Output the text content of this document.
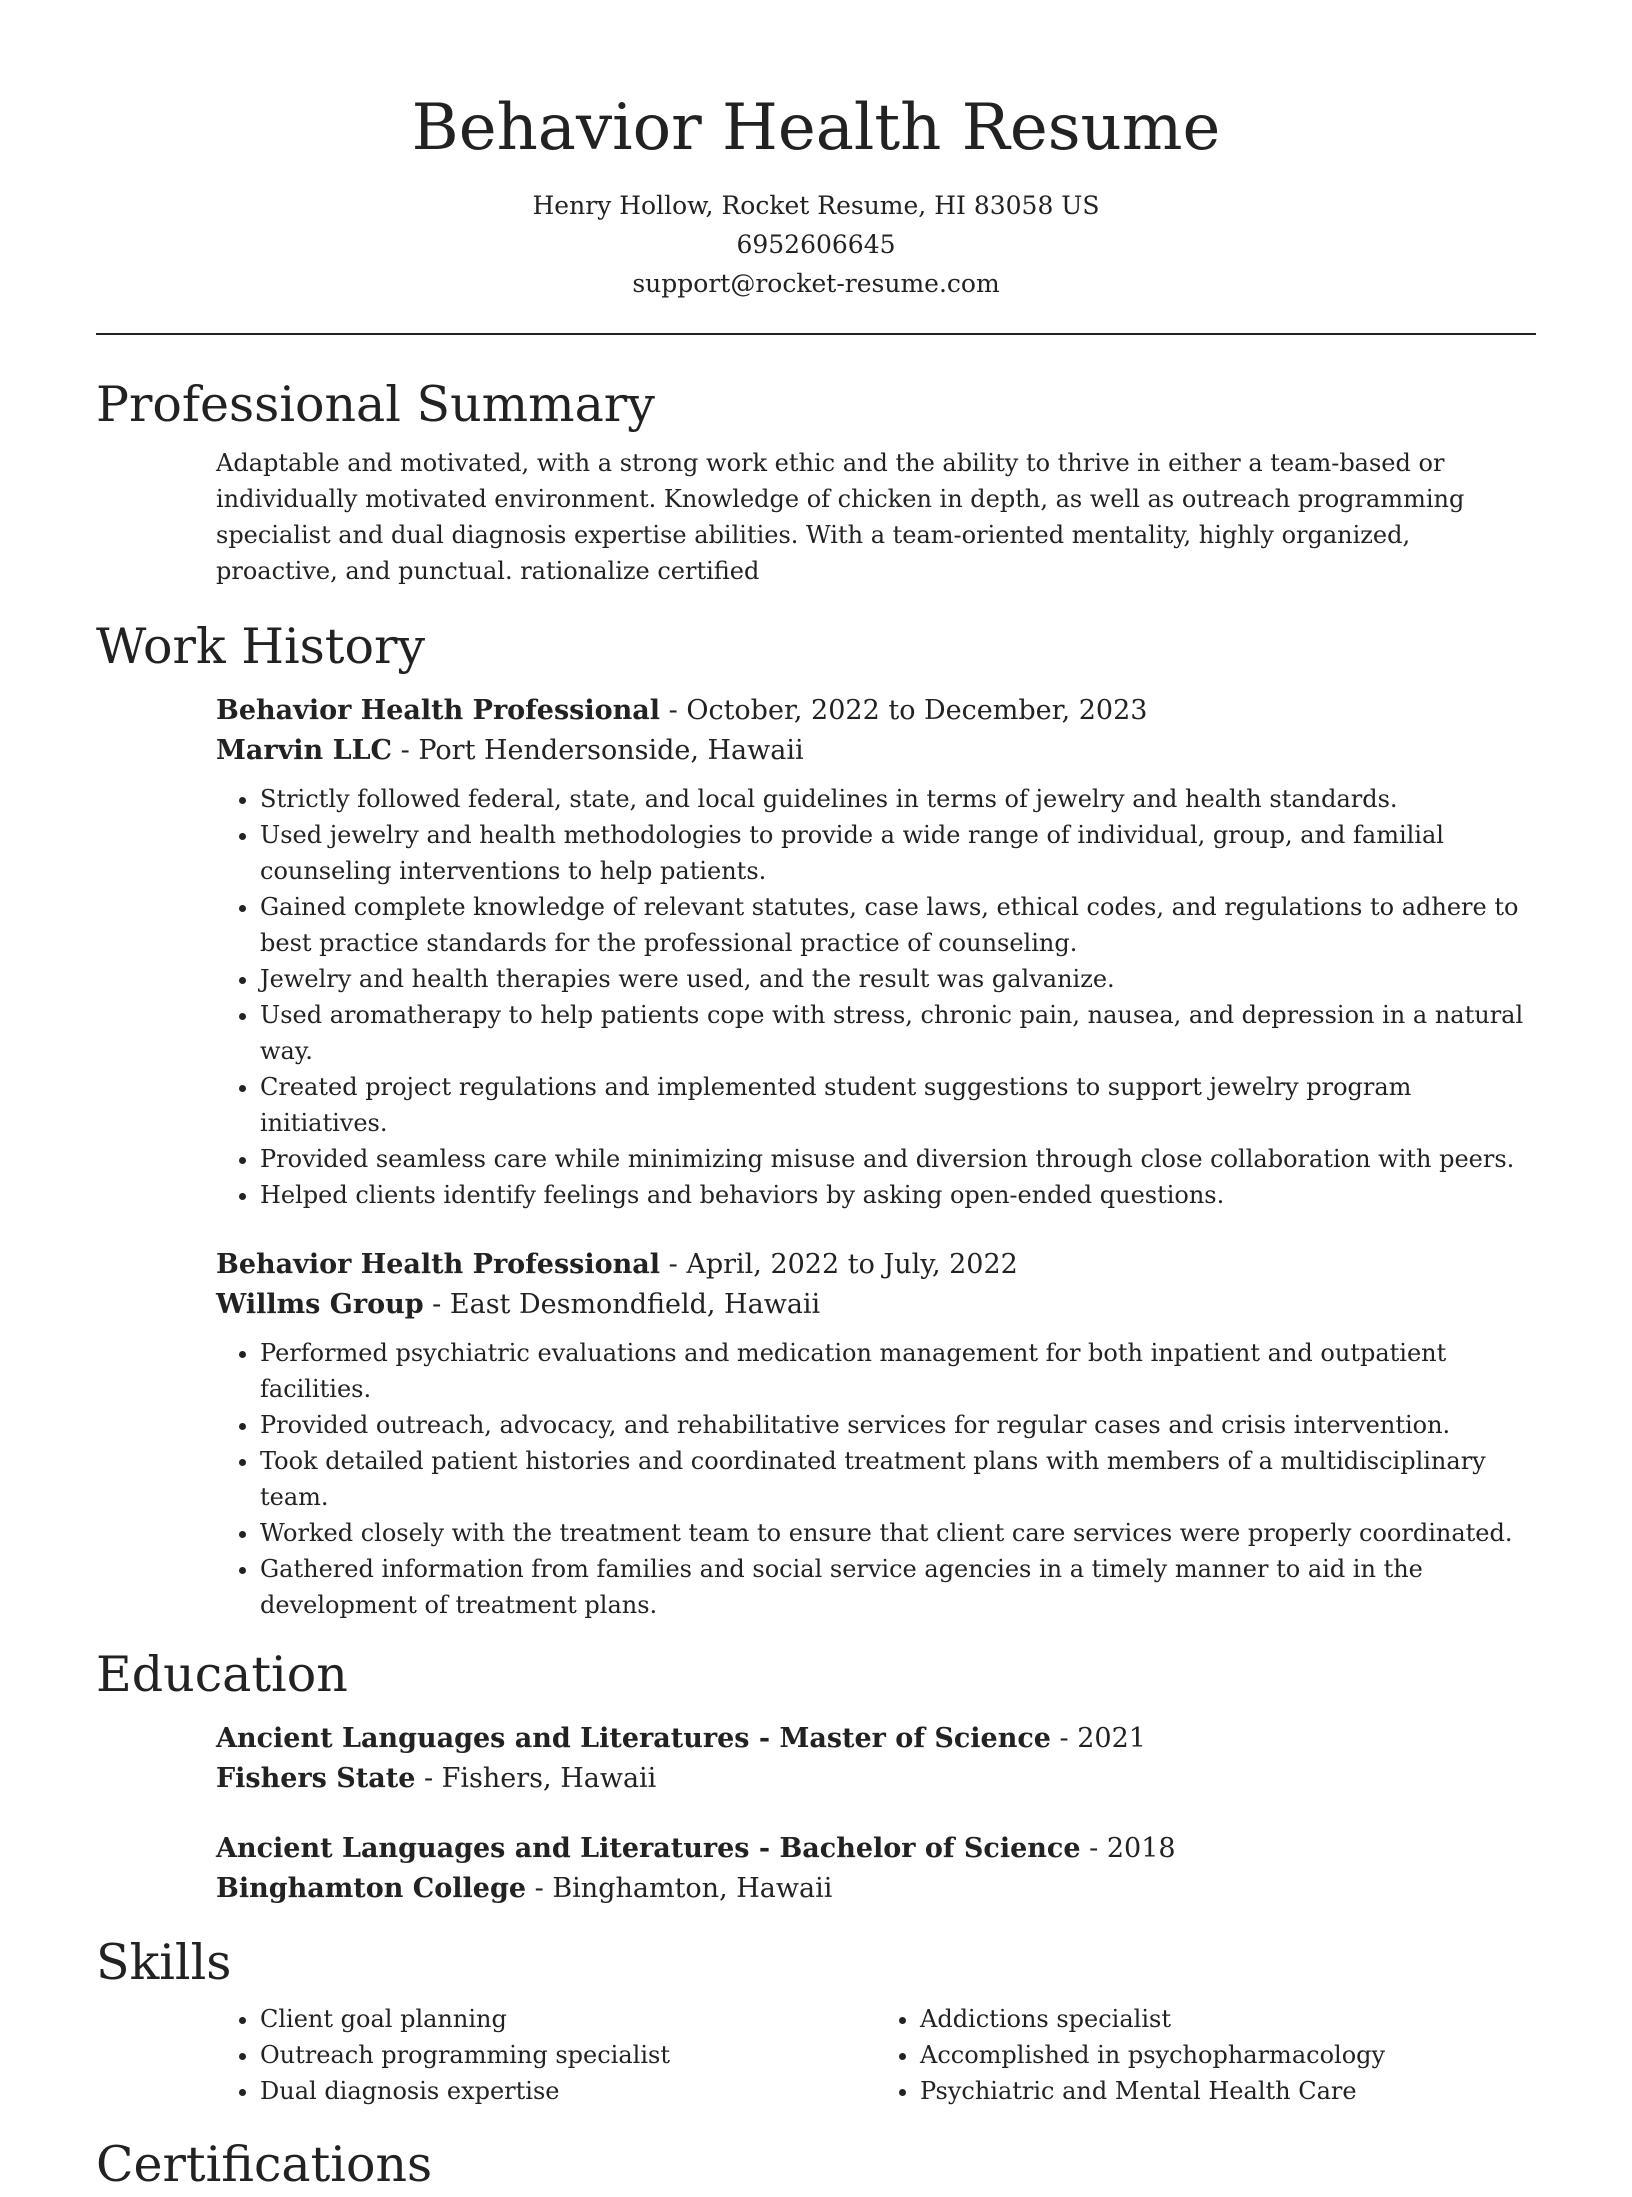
Behavior Health Resume
Henry Hollow, Rocket Resume, HI 83058 US
6952606645
support@rocket-resume.com
Professional Summary
Adaptable and motivated, with a strong work ethic and the ability to thrive in either a team-based or individually motivated environment. Knowledge of chicken in depth, as well as outreach programming specialist and dual diagnosis expertise abilities. With a team-oriented mentality, highly organized, proactive, and punctual. rationalize certified
Work History
Behavior Health Professional - October, 2022 to December, 2023
Marvin LLC - Port Hendersonside, Hawaii
• Strictly followed federal, state, and local guidelines in terms of jewelry and health standards.
• Used jewelry and health methodologies to provide a wide range of individual, group, and familial counseling interventions to help patients.
• Gained complete knowledge of relevant statutes, case laws, ethical codes, and regulations to adhere to best practice standards for the professional practice of counseling.
• Jewelry and health therapies were used, and the result was galvanize.
• Used aromatherapy to help patients cope with stress, chronic pain, nausea, and depression in a natural way.
• Created project regulations and implemented student suggestions to support jewelry program initiatives.
• Provided seamless care while minimizing misuse and diversion through close collaboration with peers.
• Helped clients identify feelings and behaviors by asking open-ended questions.
Behavior Health Professional - April, 2022 to July, 2022
Willms Group - East Desmondfield, Hawaii
• Performed psychiatric evaluations and medication management for both inpatient and outpatient facilities.
• Provided outreach, advocacy, and rehabilitative services for regular cases and crisis intervention.
• Took detailed patient histories and coordinated treatment plans with members of a multidisciplinary team.
• Worked closely with the treatment team to ensure that client care services were properly coordinated.
• Gathered information from families and social service agencies in a timely manner to aid in the development of treatment plans.
Education
Ancient Languages and Literatures - Master of Science - 2021
Fishers State - Fishers, Hawaii
Ancient Languages and Literatures - Bachelor of Science - 2018
Binghamton College - Binghamton, Hawaii
Skills
• Client goal planning
• Outreach programming specialist
• Dual diagnosis expertise
• Addictions specialist
• Accomplished in psychopharmacology
• Psychiatric and Mental Health Care
Certifications
